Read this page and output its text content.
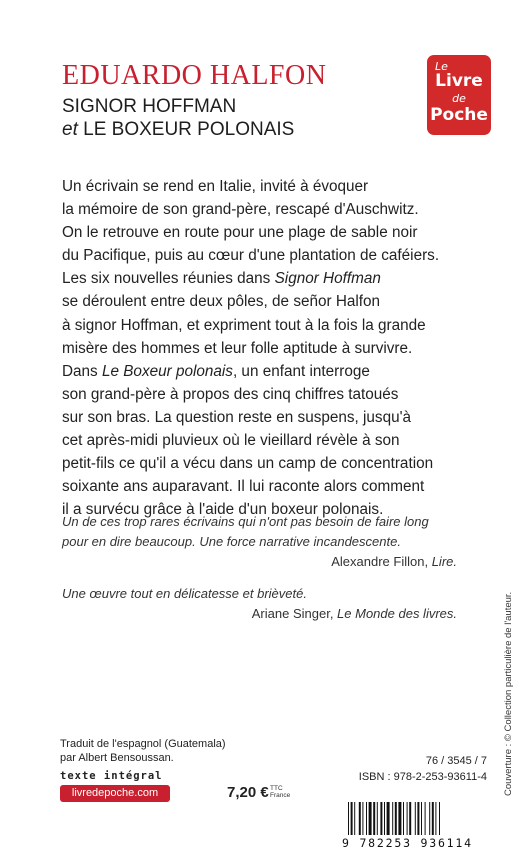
EDUARDO HALFON
SIGNOR HOFFMAN
et LE BOXEUR POLONAIS
Le
Livre
de
Poche

Un écrivain se rend en Italie, invité à évoquer
la mémoire de son grand-père, rescapé d'Auschwitz.
On le retrouve en route pour une plage de sable noir
du Pacifique, puis au cœur d'une plantation de caféiers.
Les six nouvelles réunies dans Signor Hoffman
se déroulent entre deux pôles, de señor Halfon
à signor Hoffman, et expriment tout à la fois la grande
misère des hommes et leur folle aptitude à survivre.
Dans Le Boxeur polonais, un enfant interroge
son grand-père à propos des cinq chiffres tatoués
sur son bras. La question reste en suspens, jusqu'à
cet après-midi pluvieux où le vieillard révèle à son
petit-fils ce qu'il a vécu dans un camp de concentration
soixante ans auparavant. Il lui raconte alors comment
il a survécu grâce à l'aide d'un boxeur polonais.

Un de ces trop rares écrivains qui n'ont pas besoin de faire long
pour en dire beaucoup. Une force narrative incandescente.
Alexandre Fillon, Lire.
Une œuvre tout en délicatesse et brièveté.
Ariane Singer, Le Monde des livres.	Couverture : © Collection particulière de l'auteur.
Traduit de l'espagnol (Guatemala)
par Albert Bensoussan.
texte intégral
livredepoche.com	7,20 € TTC
France
76 / 3545 / 7
ISBN : 978-2-253-93611-4
9 782253 936114
